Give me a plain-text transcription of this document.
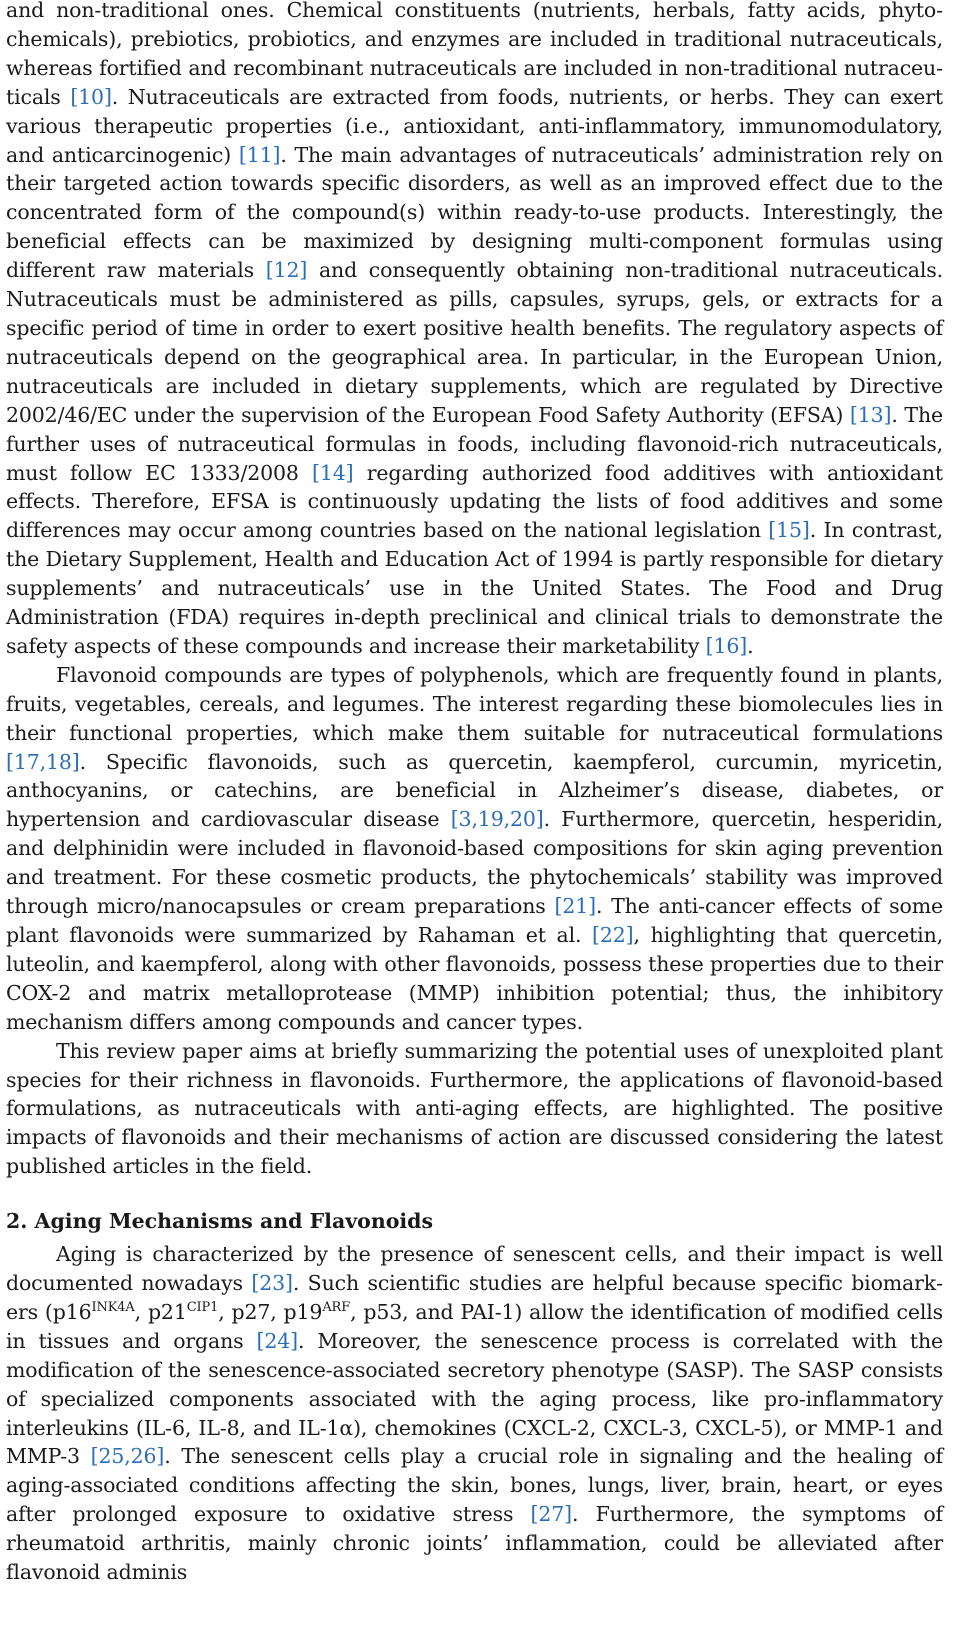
and non-traditional ones. Chemical constituents (nutrients, herbals, fatty acids, phytochemicals), prebiotics, probiotics, and enzymes are included in traditional nutraceuticals, whereas fortified and recombinant nutraceuticals are included in non-traditional nutraceuticals [10]. Nutraceuticals are extracted from foods, nutrients, or herbs. They can exert various therapeutic properties (i.e., antioxidant, anti-inflammatory, immunomodulatory, and anticarcinogenic) [11]. The main advantages of nutraceuticals’ administration rely on their targeted action towards specific disorders, as well as an improved effect due to the concentrated form of the compound(s) within ready-to-use products. Interestingly, the beneficial effects can be maximized by designing multi-component formulas using different raw materials [12] and consequently obtaining non-traditional nutraceuticals. Nutraceuticals must be administered as pills, capsules, syrups, gels, or extracts for a specific period of time in order to exert positive health benefits. The regulatory aspects of nutraceuticals depend on the geographical area. In particular, in the European Union, nutraceuticals are included in dietary supplements, which are regulated by Directive 2002/46/EC under the supervision of the European Food Safety Authority (EFSA) [13]. The further uses of nutraceutical formulas in foods, including flavonoid-rich nutraceuticals, must follow EC 1333/2008 [14] regarding authorized food additives with antioxidant effects. Therefore, EFSA is continuously updating the lists of food additives and some differences may occur among countries based on the national legislation [15]. In contrast, the Dietary Supplement, Health and Education Act of 1994 is partly responsible for dietary supplements’ and nutraceuticals’ use in the United States. The Food and Drug Administration (FDA) requires in-depth preclinical and clinical trials to demonstrate the safety aspects of these compounds and increase their marketability [16].

Flavonoid compounds are types of polyphenols, which are frequently found in plants, fruits, vegetables, cereals, and legumes. The interest regarding these biomolecules lies in their functional properties, which make them suitable for nutraceutical formulations [17,18]. Specific flavonoids, such as quercetin, kaempferol, curcumin, myricetin, anthocyanins, or catechins, are beneficial in Alzheimer’s disease, diabetes, or hypertension and cardiovascular disease [3,19,20]. Furthermore, quercetin, hesperidin, and delphinidin were included in flavonoid-based compositions for skin aging prevention and treatment. For these cosmetic products, the phytochemicals’ stability was improved through micro/nanocapsules or cream preparations [21]. The anti-cancer effects of some plant flavonoids were summarized by Rahaman et al. [22], highlighting that quercetin, luteolin, and kaempferol, along with other flavonoids, possess these properties due to their COX-2 and matrix metalloprotease (MMP) inhibition potential; thus, the inhibitory mechanism differs among compounds and cancer types.

This review paper aims at briefly summarizing the potential uses of unexploited plant species for their richness in flavonoids. Furthermore, the applications of flavonoid-based formulations, as nutraceuticals with anti-aging effects, are highlighted. The positive impacts of flavonoids and their mechanisms of action are discussed considering the latest published articles in the field.

2. Aging Mechanisms and Flavonoids

Aging is characterized by the presence of senescent cells, and their impact is well documented nowadays [23]. Such scientific studies are helpful because specific biomarkers ($p16^{INK4A}$, $p21^{CIP1}$, p27, $p19^{ARF}$, p53, and PAI-1) allow the identification of modified cells in tissues and organs [24]. Moreover, the senescence process is correlated with the modification of the senescence-associated secretory phenotype (SASP). The SASP consists of specialized components associated with the aging process, like pro-inflammatory interleukins (IL-6, IL-8, and IL-1α), chemokines (CXCL-2, CXCL-3, CXCL-5), or MMP-1 and MMP-3 [25,26]. The senescent cells play a crucial role in signaling and the healing of aging-associated conditions affecting the skin, bones, lungs, liver, brain, heart, or eyes after prolonged exposure to oxidative stress [27]. Furthermore, the symptoms of rheumatoid arthritis, mainly chronic joints’ inflammation, could be alleviated after flavonoid adminis
